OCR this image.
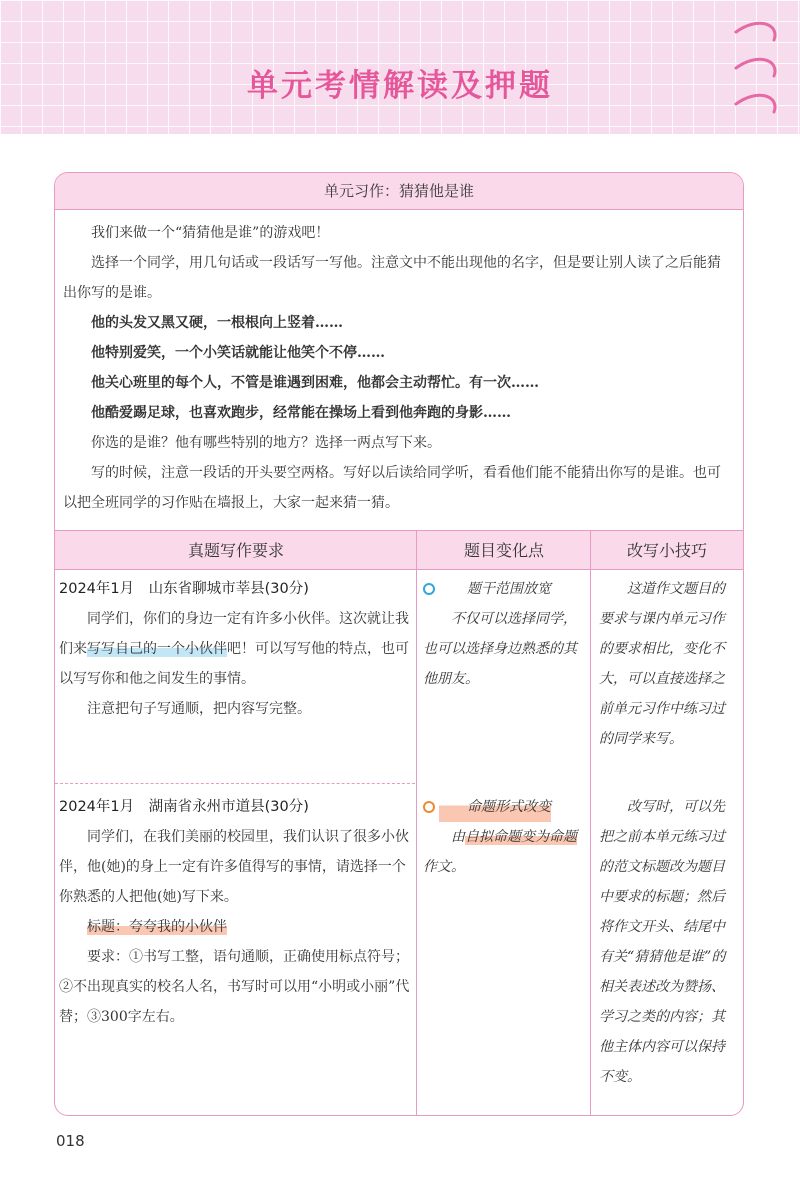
单元考情解读及押题
单元习作：猜猜他是谁

我们来做一个“猜猜他是谁”的游戏吧！

选择一个同学，用几句话或一段话写一写他。注意文中不能出现他的名字，但是要让别人读了之后能猜出你写的是谁。

他的头发又黑又硬，一根根向上竖着……

他特别爱笑，一个小笑话就能让他笑个不停……

他关心班里的每个人，不管是谁遇到困难，他都会主动帮忙。有一次……

他酷爱踢足球，也喜欢跑步，经常能在操场上看到他奔跑的身影……

你选的是谁？他有哪些特别的地方？选择一两点写下来。

写的时候，注意一段话的开头要空两格。写好以后读给同学听，看看他们能不能猜出你写的是谁。也可以把全班同学的习作贴在墙报上，大家一起来猜一猜。

真题写作要求	题目变化点	改写小技巧

2024年1月　山东省聊城市莘县(30分)

同学们，你们的身边一定有许多小伙伴。这次就让我们来写写自己的一个小伙伴吧！可以写写他的特点，也可以写写你和他之间发生的事情。

注意把句子写通顺，把内容写完整。

题干范围放宽

不仅可以选择同学，也可以选择身边熟悉的其他朋友。

这道作文题目的要求与课内单元习作的要求相比，变化不大，可以直接选择之前单元习作中练习过的同学来写。

2024年1月　湖南省永州市道县(30分)

同学们，在我们美丽的校园里，我们认识了很多小伙伴，他(她)的身上一定有许多值得写的事情，请选择一个你熟悉的人把他(她)写下来。

标题：夸夸我的小伙伴

要求：①书写工整，语句通顺，正确使用标点符号；②不出现真实的校名人名，书写时可以用“小明或小丽”代替；③300字左右。

命题形式改变

由自拟命题变为命题作文。

改写时，可以先把之前本单元练习过的范文标题改为题目中要求的标题；然后将作文开头、结尾中有关“猜猜他是谁”的相关表述改为赞扬、学习之类的内容；其他主体内容可以保持不变。

018
